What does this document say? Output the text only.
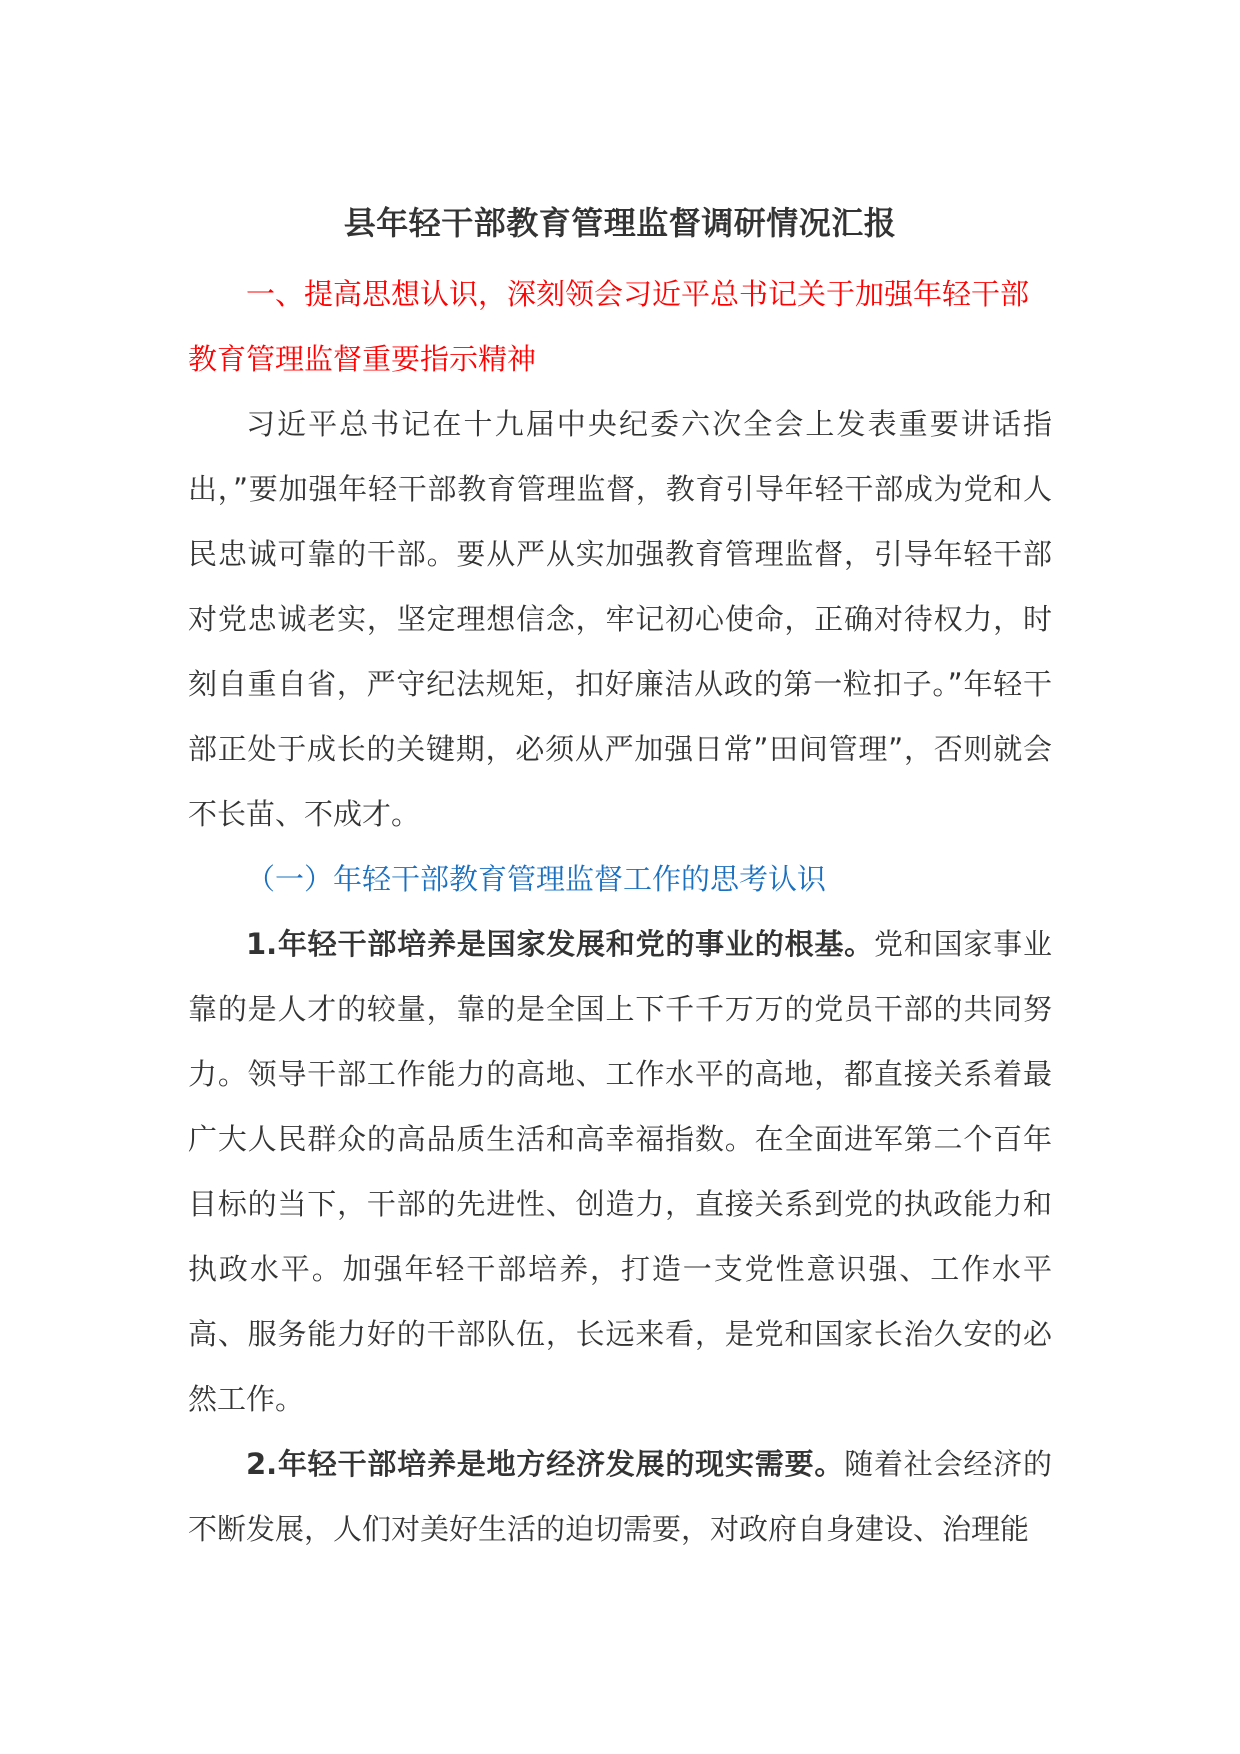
县年轻干部教育管理监督调研情况汇报

一、提高思想认识，深刻领会习近平总书记关于加强年轻干部教育管理监督重要指示精神

习近平总书记在十九届中央纪委六次全会上发表重要讲话指出，”要加强年轻干部教育管理监督，教育引导年轻干部成为党和人民忠诚可靠的干部。要从严从实加强教育管理监督，引导年轻干部对党忠诚老实，坚定理想信念，牢记初心使命，正确对待权力，时刻自重自省，严守纪法规矩，扣好廉洁从政的第一粒扣子。”年轻干部正处于成长的关键期，必须从严加强日常”田间管理”，否则就会不长苗、不成才。

（一）年轻干部教育管理监督工作的思考认识

1.年轻干部培养是国家发展和党的事业的根基。党和国家事业靠的是人才的较量，靠的是全国上下千千万万的党员干部的共同努力。领导干部工作能力的高地、工作水平的高地，都直接关系着最广大人民群众的高品质生活和高幸福指数。在全面进军第二个百年目标的当下，干部的先进性、创造力，直接关系到党的执政能力和执政水平。加强年轻干部培养，打造一支党性意识强、工作水平高、服务能力好的干部队伍，长远来看，是党和国家长治久安的必然工作。

2.年轻干部培养是地方经济发展的现实需要。随着社会经济的不断发展，人们对美好生活的迫切需要，对政府自身建设、治理能
